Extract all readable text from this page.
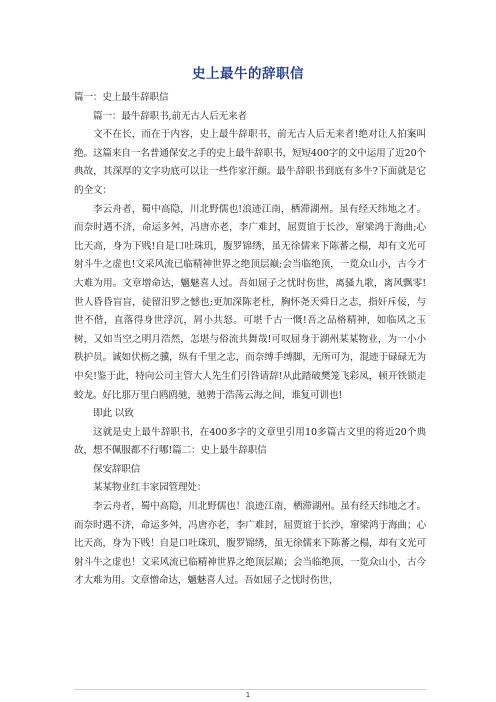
史上最牛的辞职信

篇一：史上最牛辞职信

篇一：最牛辞职书,前无古人后无来者

文不在长，而在于内容，史上最牛辞职书，前无古人后无来者!绝对让人拍案叫绝。这篇来自一名普通保安之手的史上最牛辞职书，短短400字的文中运用了近20个典故，其深厚的文字功底可以让一些作家汗颜。最牛辞职书到底有多牛?下面就是它的全文：

李云舟者，蜀中高隐，川北野儒也!浪迹江南，栖滞湖州。虽有经天纬地之才。而奈时遇不济，命运多舛，冯唐亦老，李广难封，屈贾谊于长沙，窜梁鸿于海曲;心比天高，身为下贱!自是口吐珠玑，腹罗锦绣，虽无徐儒来下陈蕃之榻，却有文光可射斗牛之虚也!文采风流已临精神世界之绝顶层巅;会当临绝顶，一览众山小，古今才大难为用。文章增命达，魑魅喜人过。吾如屈子之忧时伤世，离骚九歌，离风飘零!世人昏昏盲盲，徒留汨罗之憾也;更加深陈老杜，胸怀尧天舜日之志，指奸斥佞，与世不偕，直落得身世浮沉，屑小共怒。可堪千古一慨!吾之品格精神，如临风之玉树，又如当空之明月浩然，怎堪与俗流共舞哉!可叹屈身于湖州某某物业，为一小小秩护员。诚如伏枥之骥，纵有千里之志，而奈缚手缚脚，无所可为，混迹于碌碌无为中矣!鉴于此，特向公司主管大人先生们引咎请辞!从此踏破樊笼飞彩凤，顿开铁锁走蛟龙。好比那万里白鸥鸥驰，驰骋于浩荡云海之间，谁复可训也!

即此 以致

这就是史上最牛辞职书，在400多字的文章里引用10多篇古文里的将近20个典故，想不佩服都不行哪!篇二：史上最牛辞职信

保安辞职信

某某物业红丰家园管理处：

李云舟者，蜀中高隐，川北野儒也！浪迹江南，栖滞湖州。虽有经天纬地之才。而奈时遇不济，命运多舛，冯唐亦老，李广难封，屈贾谊于长沙，窜梁鸿于海曲；心比天高，身为下贱！自是口吐珠玑，腹罗锦绣，虽无徐儒来下陈蕃之榻，却有文光可射斗牛之虚也！文采风流已临精神世界之绝顶层巅；会当临绝顶，一览众山小，古今才大难为用。文章憎命达，魑魅喜人过。吾如屈子之忧时伤世，

1
